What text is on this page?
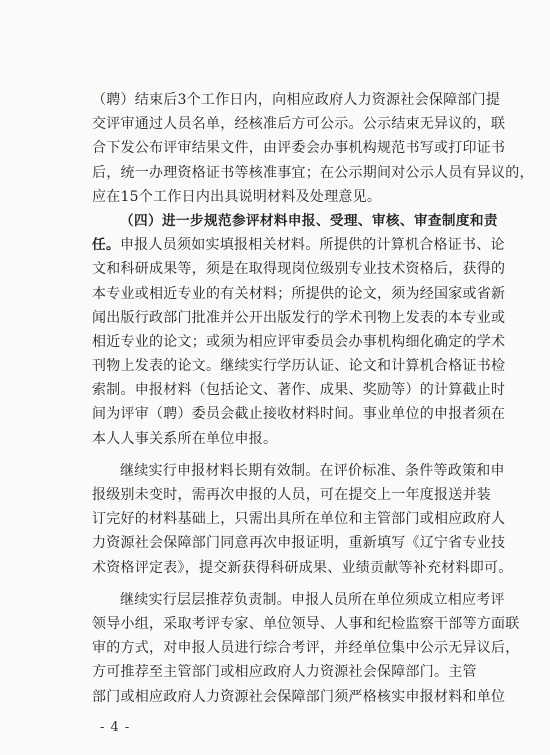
（聘）结束后3个工作日内，向相应政府人力资源社会保障部门提
交评审通过人员名单，经核准后方可公示。公示结束无异议的，联
合下发公布评审结果文件，由评委会办事机构规范书写或打印证书
后，统一办理资格证书等核准事宜；在公示期间对公示人员有异议的，
应在15个工作日内出具说明材料及处理意见。
（四）进一步规范参评材料申报、受理、审核、审查制度和责
任。申报人员须如实填报相关材料。所提供的计算机合格证书、论
文和科研成果等，须是在取得现岗位级别专业技术资格后，获得的
本专业或相近专业的有关材料；所提供的论文，须为经国家或省新
闻出版行政部门批准并公开出版发行的学术刊物上发表的本专业或
相近专业的论文；或须为相应评审委员会办事机构细化确定的学术
刊物上发表的论文。继续实行学历认证、论文和计算机合格证书检
索制。申报材料（包括论文、著作、成果、奖励等）的计算截止时
间为评审（聘）委员会截止接收材料时间。事业单位的申报者须在
本人人事关系所在单位申报。
继续实行申报材料长期有效制。在评价标准、条件等政策和申
报级别未变时，需再次申报的人员，可在提交上一年度报送并装
订完好的材料基础上，只需出具所在单位和主管部门或相应政府人
力资源社会保障部门同意再次申报证明，重新填写《辽宁省专业技
术资格评定表》，提交新获得科研成果、业绩贡献等补充材料即可。
继续实行层层推荐负责制。申报人员所在单位须成立相应考评
领导小组，采取考评专家、单位领导、人事和纪检监察干部等方面联
审的方式，对申报人员进行综合考评，并经单位集中公示无异议后，
方可推荐至主管部门或相应政府人力资源社会保障部门。主管
部门或相应政府人力资源社会保障部门须严格核实申报材料和单位
- 4 -
